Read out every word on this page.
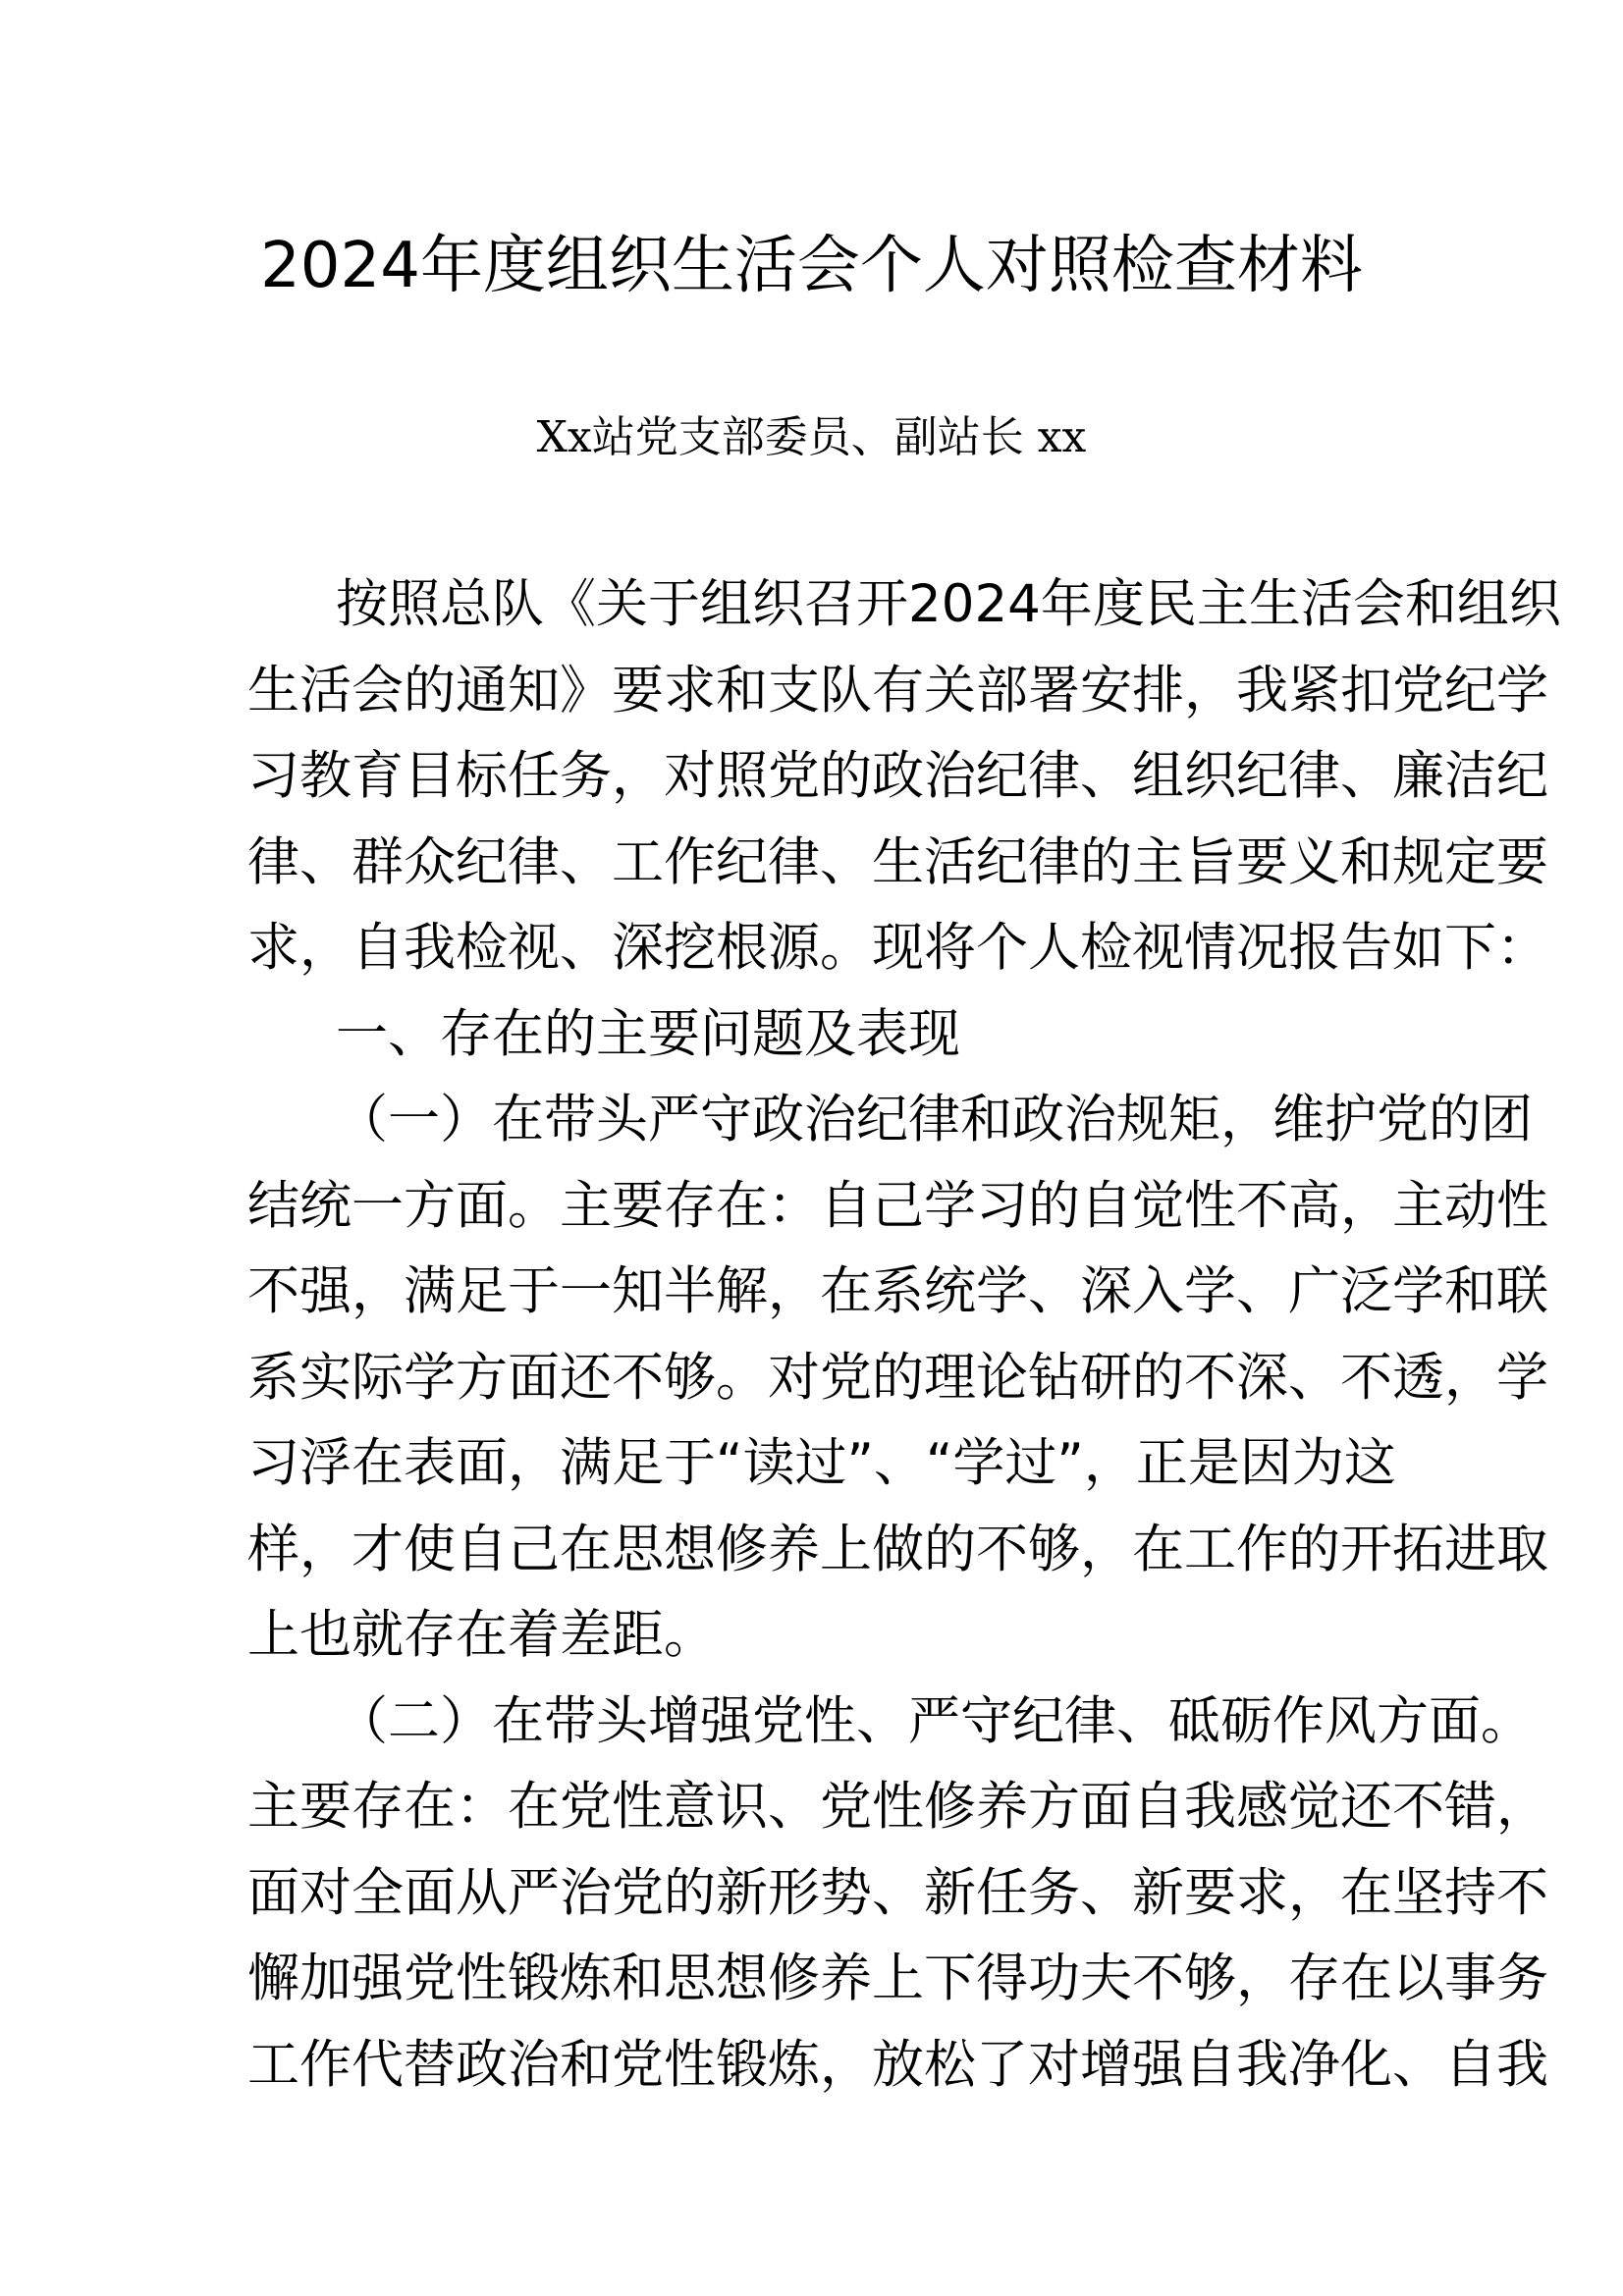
2024年度组织生活会个人对照检查材料
Xx站党支部委员、副站长 xx
按照总队《关于组织召开2024年度民主生活会和组织
生活会的通知》要求和支队有关部署安排，我紧扣党纪学
习教育目标任务，对照党的政治纪律、组织纪律、廉洁纪
律、群众纪律、工作纪律、生活纪律的主旨要义和规定要
求，自我检视、深挖根源。现将个人检视情况报告如下：
一、存在的主要问题及表现
（一）在带头严守政治纪律和政治规矩，维护党的团
结统一方面。主要存在：自己学习的自觉性不高，主动性
不强，满足于一知半解，在系统学、深入学、广泛学和联
系实际学方面还不够。对党的理论钻研的不深、不透，学
习浮在表面，满足于“读过”、“学过”，正是因为这
样，才使自己在思想修养上做的不够，在工作的开拓进取
上也就存在着差距。
（二）在带头增强党性、严守纪律、砥砺作风方面。
主要存在：在党性意识、党性修养方面自我感觉还不错，
面对全面从严治党的新形势、新任务、新要求，在坚持不
懈加强党性锻炼和思想修养上下得功夫不够，存在以事务
工作代替政治和党性锻炼，放松了对增强自我净化、自我
